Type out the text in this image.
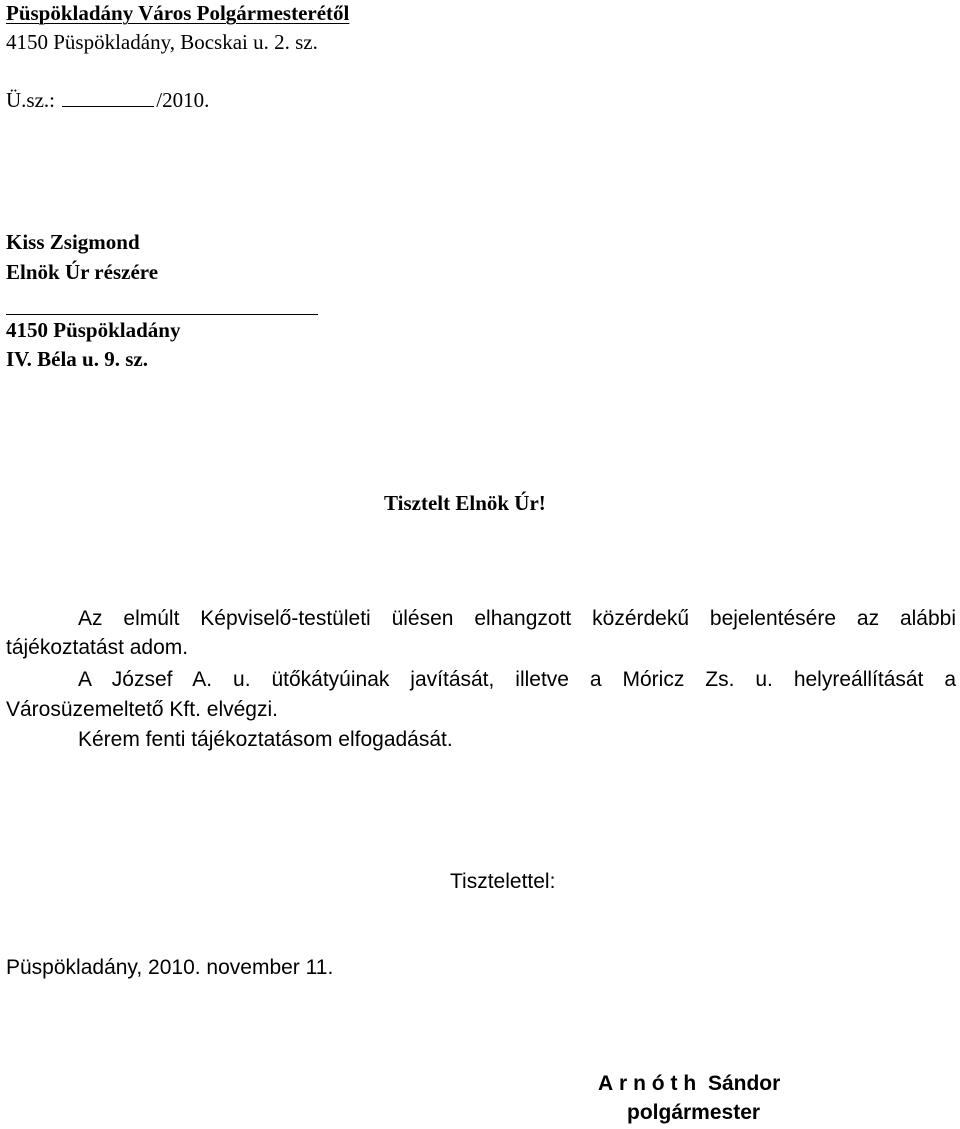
Püspökladány Város Polgármesterétől
4150 Püspökladány, Bocskai u. 2. sz.
Ü.sz.:	/2010.
Kiss Zsigmond
Elnök Úr részére
4150 Püspökladány
IV. Béla u. 9. sz.
Tisztelt Elnök Úr!
Az elmúlt Képviselő-testületi ülésen elhangzott közérdekű bejelentésére az alábbi
tájékoztatást adom.
A József A. u. ütőkátyúinak javítását, illetve a Móricz Zs. u. helyreállítását a
Városüzemeltető Kft. elvégzi.
Kérem fenti tájékoztatásom elfogadását.
Tisztelettel:
Püspökladány, 2010. november 11.
Arnóth Sándor
polgármester
